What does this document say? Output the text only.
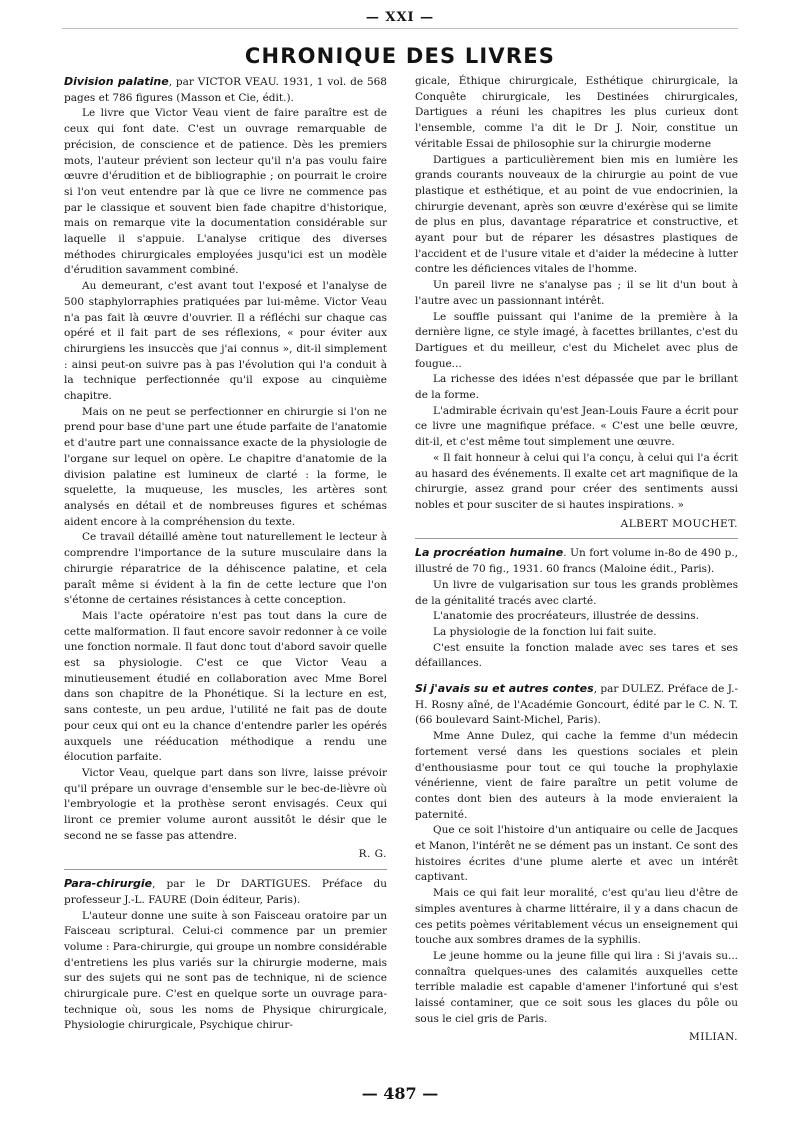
— XXI —
CHRONIQUE DES LIVRES

Division palatine, par VICTOR VEAU. 1931, 1 vol. de 568 pages et 786 figures (Masson et Cie, édit.).

Le livre que Victor Veau vient de faire paraître est de ceux qui font date. C'est un ouvrage remarquable de précision, de conscience et de patience. Dès les premiers mots, l'auteur prévient son lecteur qu'il n'a pas voulu faire œuvre d'érudition et de bibliographie ; on pourrait le croire si l'on veut entendre par là que ce livre ne commence pas par le classique et souvent bien fade chapitre d'historique, mais on remarque vite la documentation considérable sur laquelle il s'appuie. L'analyse critique des diverses méthodes chirurgicales employées jusqu'ici est un modèle d'érudition savamment combiné.

Au demeurant, c'est avant tout l'exposé et l'analyse de 500 staphylorraphies pratiquées par lui-même. Victor Veau n'a pas fait là œuvre d'ouvrier. Il a réfléchi sur chaque cas opéré et il fait part de ses réflexions, « pour éviter aux chirurgiens les insuccès que j'ai connus », dit-il simplement : ainsi peut-on suivre pas à pas l'évolution qui l'a conduit à la technique perfectionnée qu'il expose au cinquième chapitre.

Mais on ne peut se perfectionner en chirurgie si l'on ne prend pour base d'une part une étude parfaite de l'anatomie et d'autre part une connaissance exacte de la physiologie de l'organe sur lequel on opère. Le chapitre d'anatomie de la division palatine est lumineux de clarté : la forme, le squelette, la muqueuse, les muscles, les artères sont analysés en détail et de nombreuses figures et schémas aident encore à la compréhension du texte.

Ce travail détaillé amène tout naturellement le lecteur à comprendre l'importance de la suture musculaire dans la chirurgie réparatrice de la déhiscence palatine, et cela paraît même si évident à la fin de cette lecture que l'on s'étonne de certaines résistances à cette conception.

Mais l'acte opératoire n'est pas tout dans la cure de cette malformation. Il faut encore savoir redonner à ce voile une fonction normale. Il faut donc tout d'abord savoir quelle est sa physiologie. C'est ce que Victor Veau a minutieusement étudié en collaboration avec Mme Borel dans son chapitre de la Phonétique. Si la lecture en est, sans conteste, un peu ardue, l'utilité ne fait pas de doute pour ceux qui ont eu la chance d'entendre parler les opérés auxquels une rééducation méthodique a rendu une élocution parfaite.

Victor Veau, quelque part dans son livre, laisse prévoir qu'il prépare un ouvrage d'ensemble sur le bec-de-lièvre où l'embryologie et la prothèse seront envisagés. Ceux qui liront ce premier volume auront aussitôt le désir que le second ne se fasse pas attendre.

R. G.

Para-chirurgie, par le Dr DARTIGUES. Préface du professeur J.-L. FAURE (Doin éditeur, Paris).

L'auteur donne une suite à son Faisceau oratoire par un Faisceau scriptural. Celui-ci commence par un premier volume : Para-chirurgie, qui groupe un nombre considérable d'entretiens les plus variés sur la chirurgie moderne, mais sur des sujets qui ne sont pas de technique, ni de science chirurgicale pure. C'est en quelque sorte un ouvrage para-technique où, sous les noms de Physique chirurgicale, Physiologie chirurgicale, Psychique chirur-

gicale, Éthique chirurgicale, Esthétique chirurgicale, la Conquête chirurgicale, les Destinées chirurgicales, Dartigues a réuni les chapitres les plus curieux dont l'ensemble, comme l'a dit le Dr J. Noir, constitue un véritable Essai de philosophie sur la chirurgie moderne

Dartigues a particulièrement bien mis en lumière les grands courants nouveaux de la chirurgie au point de vue plastique et esthétique, et au point de vue endocrinien, la chirurgie devenant, après son œuvre d'exérèse qui se limite de plus en plus, davantage réparatrice et constructive, et ayant pour but de réparer les désastres plastiques de l'accident et de l'usure vitale et d'aider la médecine à lutter contre les déficiences vitales de l'homme.

Un pareil livre ne s'analyse pas ; il se lit d'un bout à l'autre avec un passionnant intérêt.

Le souffle puissant qui l'anime de la première à la dernière ligne, ce style imagé, à facettes brillantes, c'est du Dartigues et du meilleur, c'est du Michelet avec plus de fougue...

La richesse des idées n'est dépassée que par le brillant de la forme.

L'admirable écrivain qu'est Jean-Louis Faure a écrit pour ce livre une magnifique préface. « C'est une belle œuvre, dit-il, et c'est même tout simplement une œuvre.

« Il fait honneur à celui qui l'a conçu, à celui qui l'a écrit au hasard des événements. Il exalte cet art magnifique de la chirurgie, assez grand pour créer des sentiments aussi nobles et pour susciter de si hautes inspirations. »

ALBERT MOUCHET.

La procréation humaine. Un fort volume in-8o de 490 p., illustré de 70 fig., 1931. 60 francs (Maloine édit., Paris).

Un livre de vulgarisation sur tous les grands problèmes de la génitalité tracés avec clarté.

L'anatomie des procréateurs, illustrée de dessins.

La physiologie de la fonction lui fait suite.

C'est ensuite la fonction malade avec ses tares et ses défaillances.

Si j'avais su et autres contes, par DULEZ. Préface de J.-H. Rosny aîné, de l'Académie Goncourt, édité par le C. N. T. (66 boulevard Saint-Michel, Paris).

Mme Anne Dulez, qui cache la femme d'un médecin fortement versé dans les questions sociales et plein d'enthousiasme pour tout ce qui touche la prophylaxie vénérienne, vient de faire paraître un petit volume de contes dont bien des auteurs à la mode envieraient la paternité.

Que ce soit l'histoire d'un antiquaire ou celle de Jacques et Manon, l'intérêt ne se dément pas un instant. Ce sont des histoires écrites d'une plume alerte et avec un intérêt captivant.

Mais ce qui fait leur moralité, c'est qu'au lieu d'être de simples aventures à charme littéraire, il y a dans chacun de ces petits poèmes véritablement vécus un enseignement qui touche aux sombres drames de la syphilis.

Le jeune homme ou la jeune fille qui lira : Si j'avais su... connaîtra quelques-unes des calamités auxquelles cette terrible maladie est capable d'amener l'infortuné qui s'est laissé contaminer, que ce soit sous les glaces du pôle ou sous le ciel gris de Paris.

MILIAN.

— 487 —
